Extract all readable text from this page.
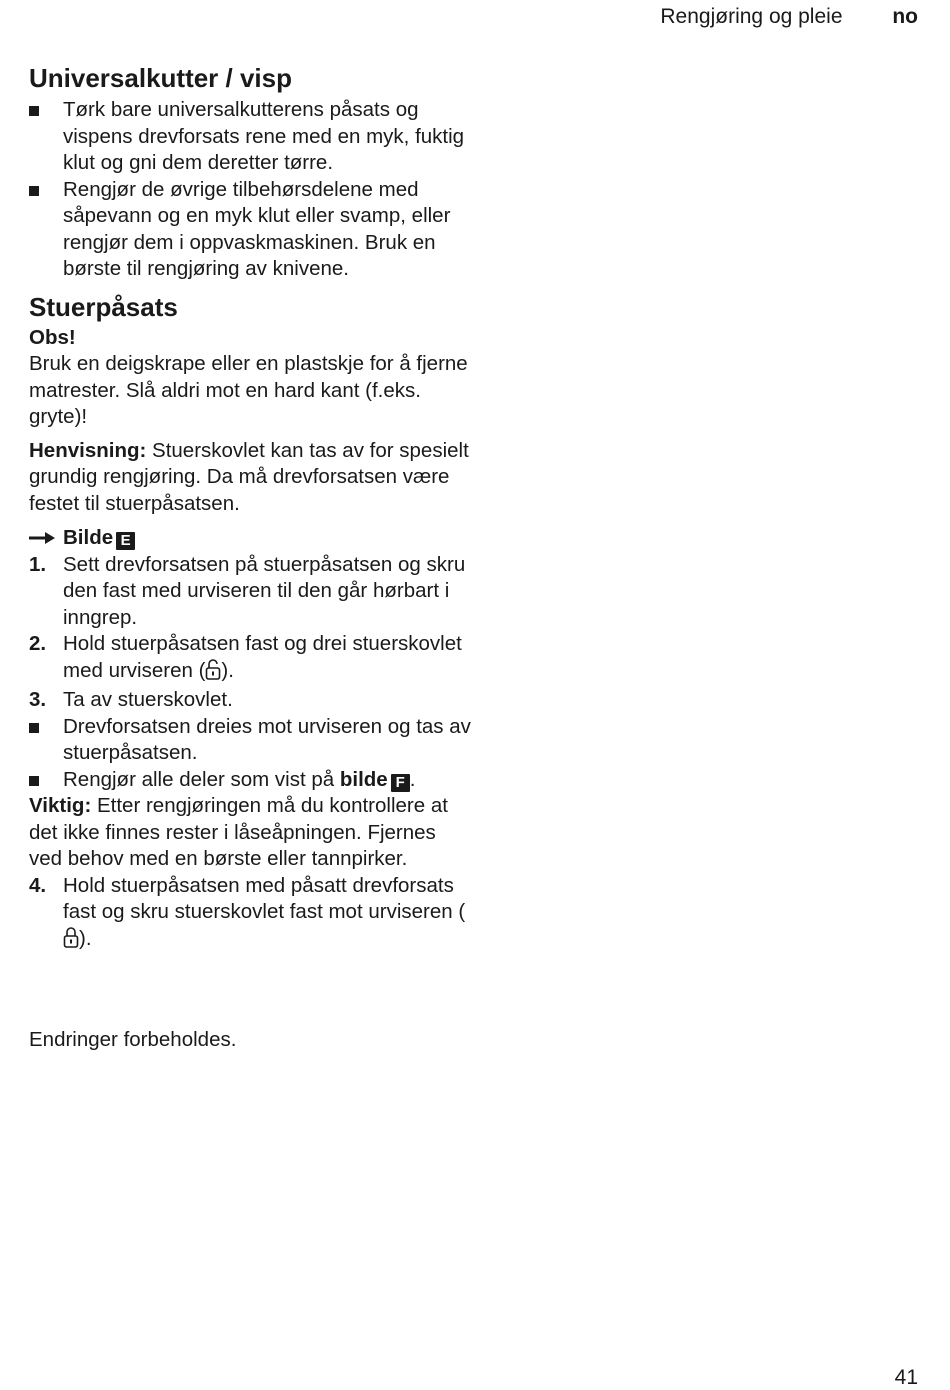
Rengjøring og pleie no
Universalkutter / visp
Tørk bare universalkutterens påsats og vispens drevforsats rene med en myk, fuktig klut og gni dem deretter tørre.
Rengjør de øvrige tilbehørsdelene med såpevann og en myk klut eller svamp, eller rengjør dem i oppvaskmaskinen. Bruk en børste til rengjøring av knivene.
Stuerpåsats

Obs!

Bruk en deigskrape eller en plastskje for å fjerne matrester. Slå aldri mot en hard kant (f.eks. gryte)!

Henvisning: Stuerskovlet kan tas av for spesielt grundig rengjøring. Da må drevforsatsen være festet til stuerpåsatsen.

Bilde E

1. Sett drevforsatsen på stuerpåsatsen og skru den fast med urviseren til den går hørbart i inngrep.
2. Hold stuerpåsatsen fast og drei stuerskovlet med urviseren ( ).
3. Ta av stuerskovlet.
Drevforsatsen dreies mot urviseren og tas av stuerpåsatsen.
Rengjør alle deler som vist på bilde F .

Viktig: Etter rengjøringen må du kontrollere at det ikke finnes rester i låseåpningen. Fjernes ved behov med en børste eller tannpirker.

4. Hold stuerpåsatsen med påsatt drevforsats fast og skru stuerskovlet fast mot urviseren ().
Endringer forbeholdes.
41
